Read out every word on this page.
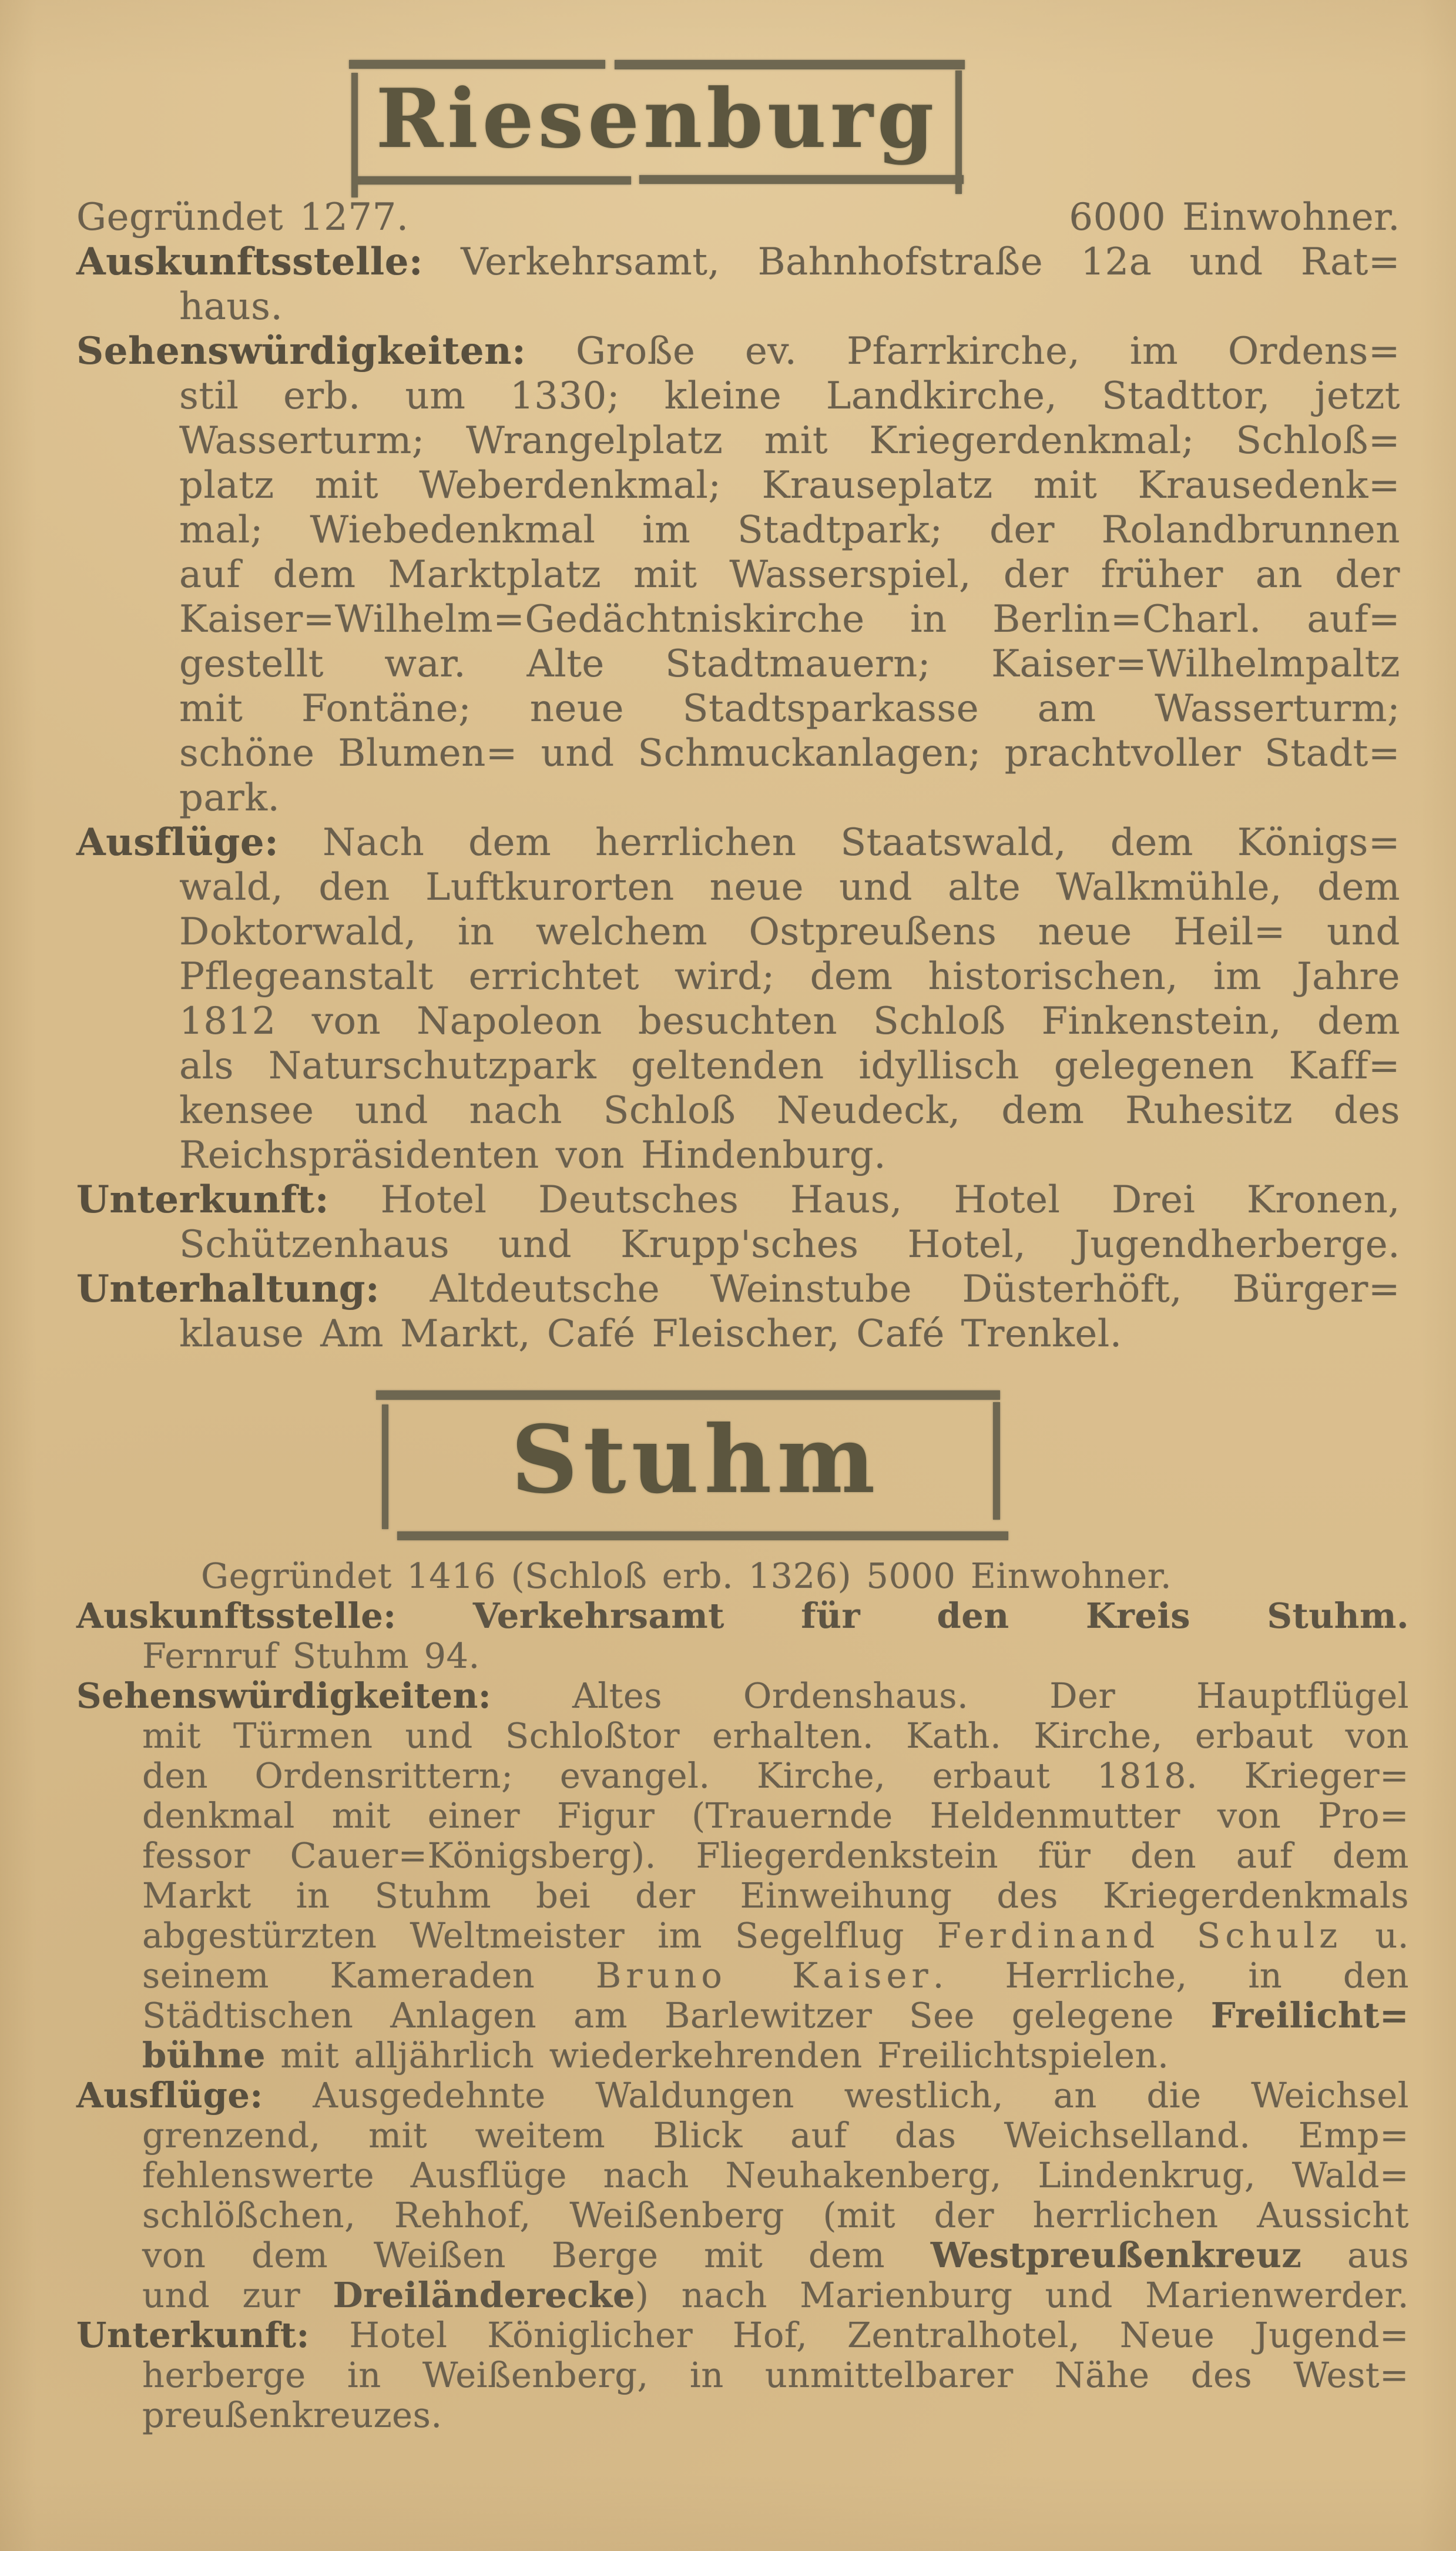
Riesenburg
Gegründet 1277.	6000 Einwohner.
Auskunftsstelle: Verkehrsamt, Bahnhofstraße 12a und Rat=
haus.
Sehenswürdigkeiten: Große ev. Pfarrkirche, im Ordens=
stil erb. um 1330; kleine Landkirche, Stadttor, jetzt
Wasserturm; Wrangelplatz mit Kriegerdenkmal; Schloß=
platz mit Weberdenkmal; Krauseplatz mit Krausedenk=
mal; Wiebedenkmal im Stadtpark; der Rolandbrunnen
auf dem Marktplatz mit Wasserspiel, der früher an der
Kaiser=Wilhelm=Gedächtniskirche in Berlin=Charl. auf=
gestellt war. Alte Stadtmauern; Kaiser=Wilhelmpaltz
mit Fontäne; neue Stadtsparkasse am Wasserturm;
schöne Blumen= und Schmuckanlagen; prachtvoller Stadt=
park.
Ausflüge: Nach dem herrlichen Staatswald, dem Königs=
wald, den Luftkurorten neue und alte Walkmühle, dem
Doktorwald, in welchem Ostpreußens neue Heil= und
Pflegeanstalt errichtet wird; dem historischen, im Jahre
1812 von Napoleon besuchten Schloß Finkenstein, dem
als Naturschutzpark geltenden idyllisch gelegenen Kaff=
kensee und nach Schloß Neudeck, dem Ruhesitz des
Reichspräsidenten von Hindenburg.
Unterkunft: Hotel Deutsches Haus, Hotel Drei Kronen,
Schützenhaus und Krupp'sches Hotel, Jugendherberge.
Unterhaltung: Altdeutsche Weinstube Düsterhöft, Bürger=
klause Am Markt, Café Fleischer, Café Trenkel.
Stuhm
Gegründet 1416 (Schloß erb. 1326) 5000 Einwohner.
Auskunftsstelle: Verkehrsamt für den Kreis Stuhm.
Fernruf Stuhm 94.
Sehenswürdigkeiten: Altes Ordenshaus. Der Hauptflügel
mit Türmen und Schloßtor erhalten. Kath. Kirche, erbaut von
den Ordensrittern; evangel. Kirche, erbaut 1818. Krieger=
denkmal mit einer Figur (Trauernde Heldenmutter von Pro=
fessor Cauer=Königsberg). Fliegerdenkstein für den auf dem
Markt in Stuhm bei der Einweihung des Kriegerdenkmals
abgestürzten Weltmeister im Segelflug Ferdinand Schulz u.
seinem Kameraden Bruno Kaiser. Herrliche, in den
Städtischen Anlagen am Barlewitzer See gelegene Freilicht=
bühne mit alljährlich wiederkehrenden Freilichtspielen.
Ausflüge: Ausgedehnte Waldungen westlich, an die Weichsel
grenzend, mit weitem Blick auf das Weichselland. Emp=
fehlenswerte Ausflüge nach Neuhakenberg, Lindenkrug, Wald=
schlößchen, Rehhof, Weißenberg (mit der herrlichen Aussicht
von dem Weißen Berge mit dem Westpreußenkreuz aus
und zur Dreiländerecke) nach Marienburg und Marienwerder.
Unterkunft: Hotel Königlicher Hof, Zentralhotel, Neue Jugend=
herberge in Weißenberg, in unmittelbarer Nähe des West=
preußenkreuzes.
